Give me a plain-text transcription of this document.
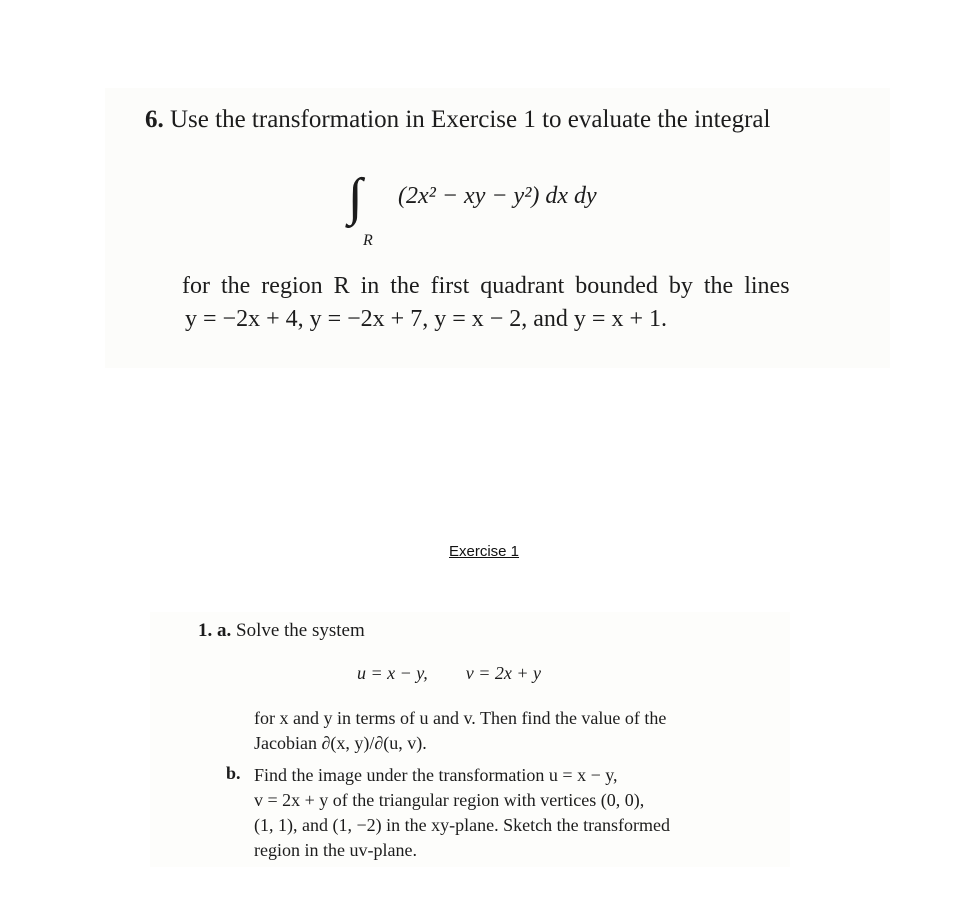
6. Use the transformation in Exercise 1 to evaluate the integral
∫∫ (2x² − xy − y²) dx dy
R
for the region R in the first quadrant bounded by the lines
y = −2x + 4, y = −2x + 7, y = x − 2, and y = x + 1.
Exercise 1
1. a. Solve the system
u = x − y, v = 2x + y
for x and y in terms of u and v. Then find the value of the
Jacobian ∂(x, y)/∂(u, v).
b. Find the image under the transformation u = x − y,
v = 2x + y of the triangular region with vertices (0, 0),
(1, 1), and (1, −2) in the xy-plane. Sketch the transformed
region in the uv-plane.
